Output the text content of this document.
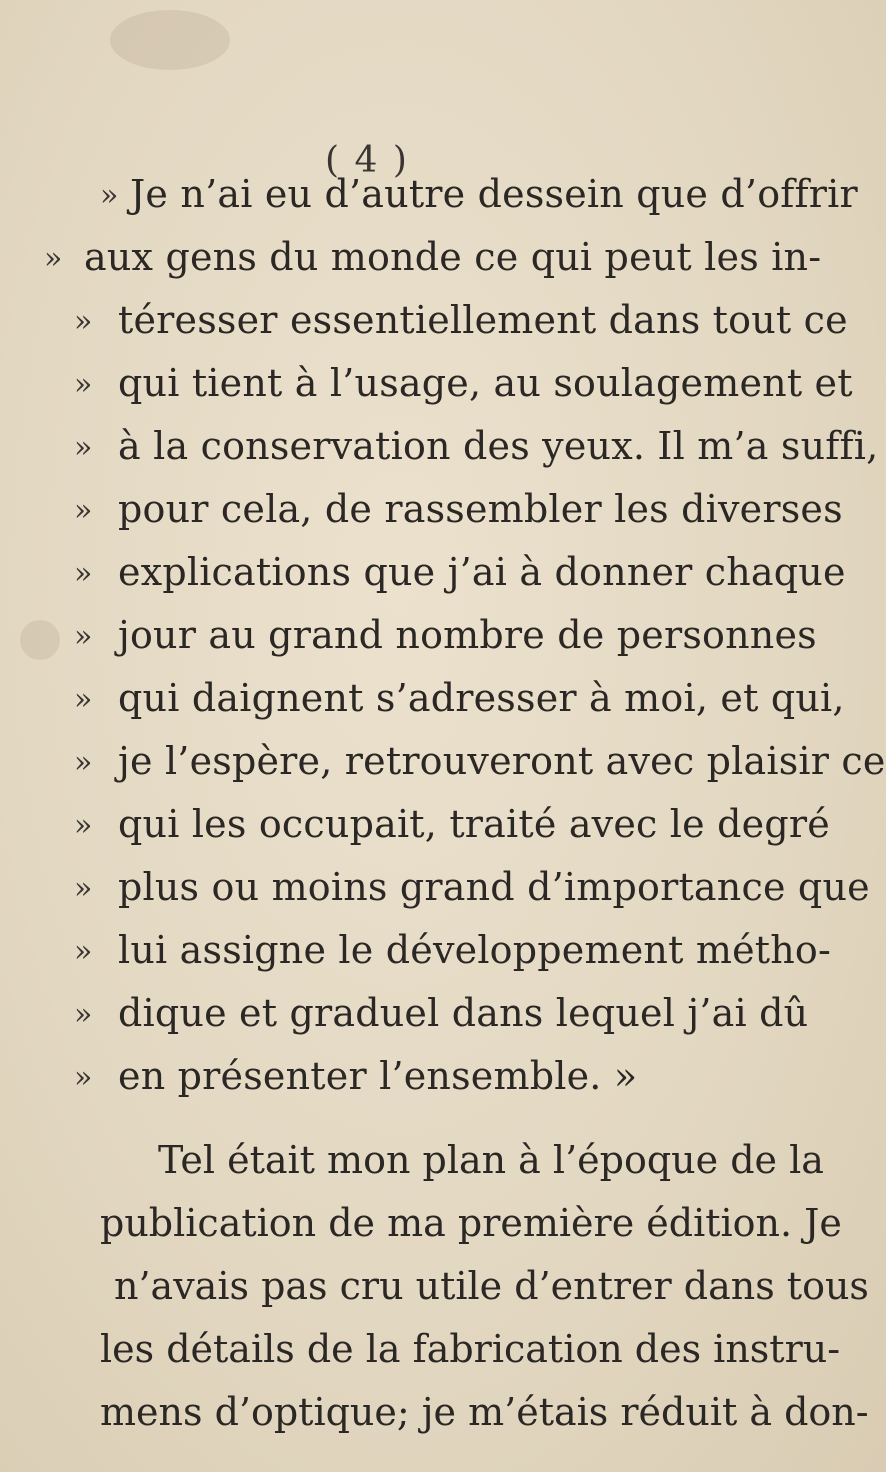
( 4 )
» Je n’ai eu d’autre dessein que d’offrir
» aux gens du monde ce qui peut les in-
» téresser essentiellement dans tout ce
» qui tient à l’usage, au soulagement et
» à la conservation des yeux. Il m’a suffi,
» pour cela, de rassembler les diverses
» explications que j’ai à donner chaque
» jour au grand nombre de personnes
» qui daignent s’adresser à moi, et qui,
» je l’espère, retrouveront avec plaisir ce
» qui les occupait, traité avec le degré
» plus ou moins grand d’importance que
» lui assigne le développement métho-
» dique et graduel dans lequel j’ai dû
» en présenter l’ensemble. »
Tel était mon plan à l’époque de la
publication de ma première édition. Je
n’avais pas cru utile d’entrer dans tous
les détails de la fabrication des instru-
mens d’optique; je m’étais réduit à don-
